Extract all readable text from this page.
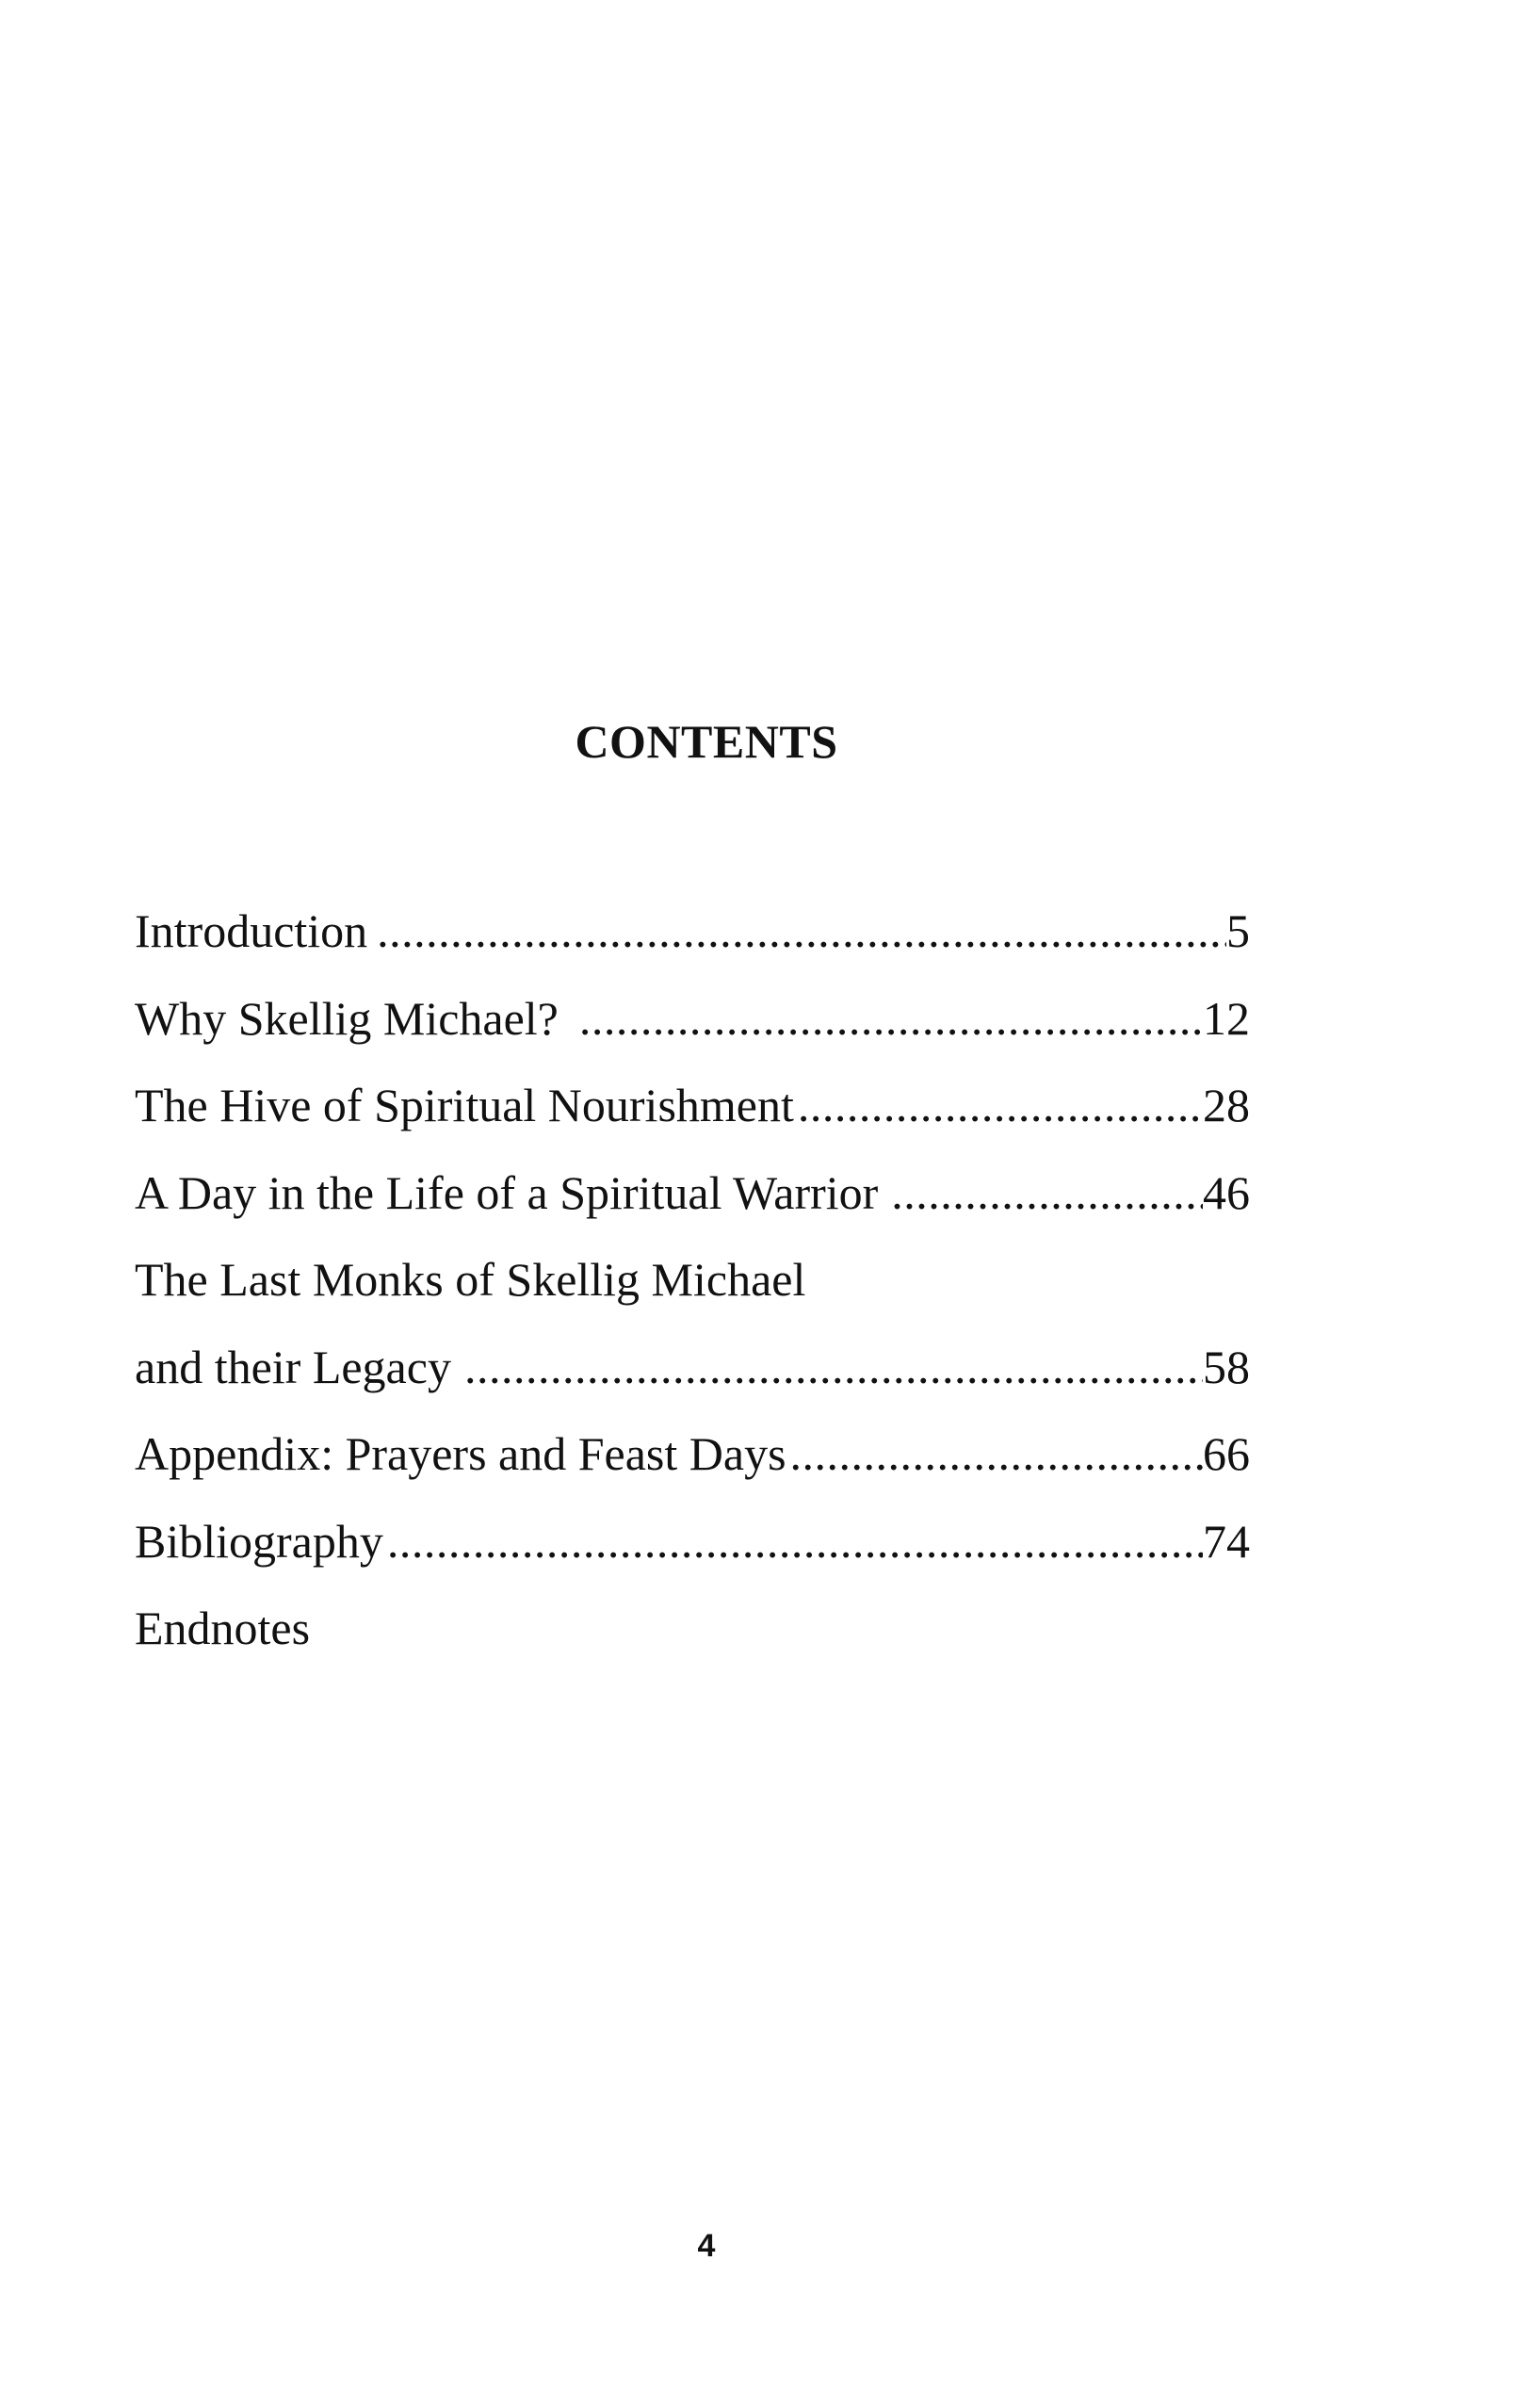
CONTENTS
Introduction .....	5
Why Skellig Michael? .....	12
The Hive of Spiritual Nourishment .....	28
A Day in the Life of a Spiritual Warrior .....	46
The Last Monks of Skellig Michael
and their Legacy .....	58
Appendix: Prayers and Feast Days .....	66
Bibliography .....	74
Endnotes
4
